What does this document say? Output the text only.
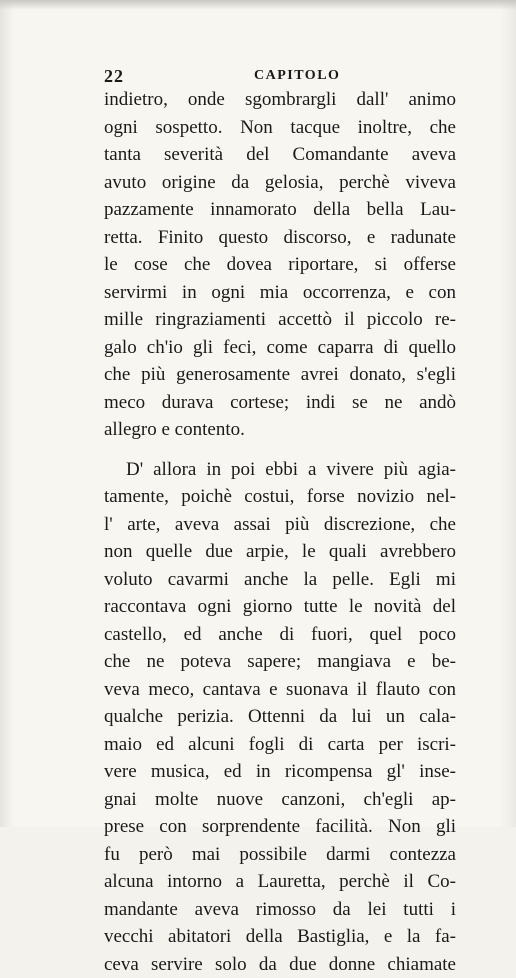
22	CAPITOLO
indietro, onde sgombrargli dall' animo
ogni sospetto. Non tacque inoltre, che
tanta severità del Comandante aveva
avuto origine da gelosia, perchè viveva
pazzamente innamorato della bella Lau-
retta. Finito questo discorso, e radunate
le cose che dovea riportare, si offerse
servirmi in ogni mia occorrenza, e con
mille ringraziamenti accettò il piccolo re-
galo ch'io gli feci, come caparra di quello
che più generosamente avrei donato, s'egli
meco durava cortese; indi se ne andò
allegro e contento.
D' allora in poi ebbi a vivere più agia-
tamente, poichè costui, forse novizio nel-
l' arte, aveva assai più discrezione, che
non quelle due arpie, le quali avrebbero
voluto cavarmi anche la pelle. Egli mi
raccontava ogni giorno tutte le novità del
castello, ed anche di fuori, quel poco
che ne poteva sapere; mangiava e be-
veva meco, cantava e suonava il flauto con
qualche perizia. Ottenni da lui un cala-
maio ed alcuni fogli di carta per iscri-
vere musica, ed in ricompensa gl' inse-
gnai molte nuove canzoni, ch'egli ap-
prese con sorprendente facilità. Non gli
fu però mai possibile darmi contezza
alcuna intorno a Lauretta, perchè il Co-
mandante aveva rimosso da lei tutti i
vecchi abitatori della Bastiglia, e la fa-
ceva servire solo da due donne chiamate
